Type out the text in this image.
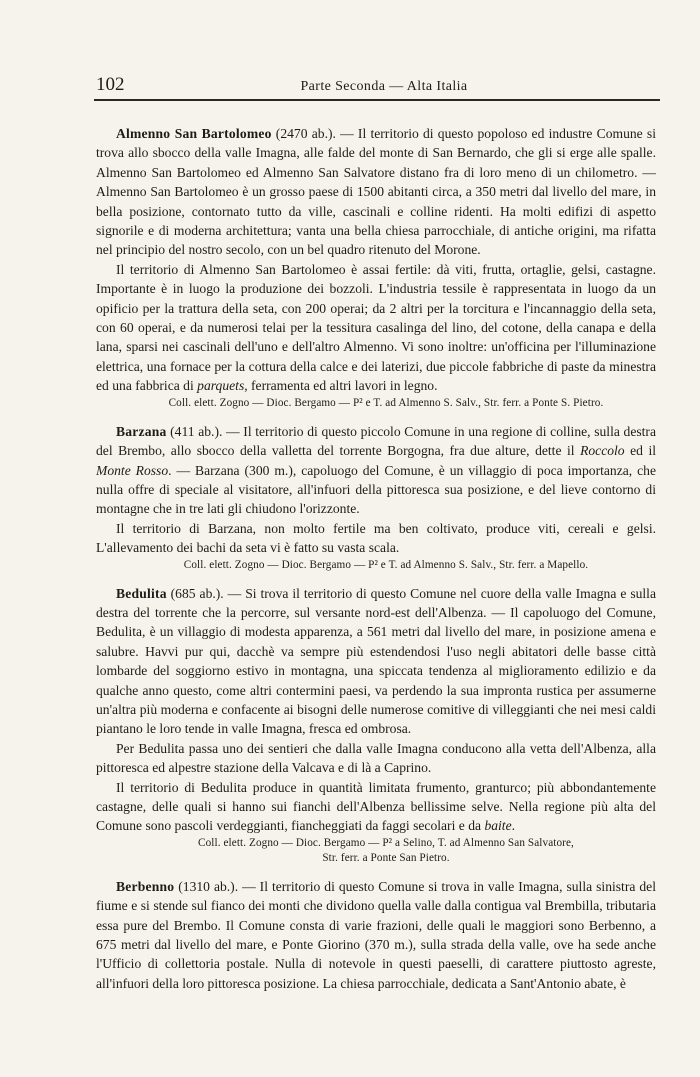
102	Parte Seconda — Alta Italia

Almenno San Bartolomeo (2470 ab.). — Il territorio di questo popoloso ed industre Comune si trova allo sbocco della valle Imagna, alle falde del monte di San Bernardo, che gli si erge alle spalle. Almenno San Bartolomeo ed Almenno San Salvatore distano fra di loro meno di un chilometro. — Almenno San Bartolomeo è un grosso paese di 1500 abitanti circa, a 350 metri dal livello del mare, in bella posizione, contornato tutto da ville, cascinali e colline ridenti. Ha molti edifizi di aspetto signorile e di moderna architettura; vanta una bella chiesa parrocchiale, di antiche origini, ma rifatta nel principio del nostro secolo, con un bel quadro ritenuto del Morone.

Il territorio di Almenno San Bartolomeo è assai fertile: dà viti, frutta, ortaglie, gelsi, castagne. Importante è in luogo la produzione dei bozzoli. L'industria tessile è rappresentata in luogo da un opificio per la trattura della seta, con 200 operai; da 2 altri per la torcitura e l'incannaggio della seta, con 60 operai, e da numerosi telai per la tessitura casalinga del lino, del cotone, della canapa e della lana, sparsi nei cascinali dell'uno e dell'altro Almenno. Vi sono inoltre: un'officina per l'illuminazione elettrica, una fornace per la cottura della calce e dei laterizi, due piccole fabbriche di paste da minestra ed una fabbrica di parquets, ferramenta ed altri lavori in legno.

Coll. elett. Zogno — Dioc. Bergamo — P² e T. ad Almenno S. Salv., Str. ferr. a Ponte S. Pietro.

Barzana (411 ab.). — Il territorio di questo piccolo Comune in una regione di colline, sulla destra del Brembo, allo sbocco della valletta del torrente Borgogna, fra due alture, dette il Roccolo ed il Monte Rosso. — Barzana (300 m.), capoluogo del Comune, è un villaggio di poca importanza, che nulla offre di speciale al visitatore, all'infuori della pittoresca sua posizione, e del lieve contorno di montagne che in tre lati gli chiudono l'orizzonte.

Il territorio di Barzana, non molto fertile ma ben coltivato, produce viti, cereali e gelsi. L'allevamento dei bachi da seta vi è fatto su vasta scala.

Coll. elett. Zogno — Dioc. Bergamo — P² e T. ad Almenno S. Salv., Str. ferr. a Mapello.

Bedulita (685 ab.). — Si trova il territorio di questo Comune nel cuore della valle Imagna e sulla destra del torrente che la percorre, sul versante nord-est dell'Albenza. — Il capoluogo del Comune, Bedulita, è un villaggio di modesta apparenza, a 561 metri dal livello del mare, in posizione amena e salubre. Havvi pur qui, dacchè va sempre più estendendosi l'uso negli abitatori delle basse città lombarde del soggiorno estivo in montagna, una spiccata tendenza al miglioramento edilizio e da qualche anno questo, come altri contermini paesi, va perdendo la sua impronta rustica per assumerne un'altra più moderna e confacente ai bisogni delle numerose comitive di villeggianti che nei mesi caldi piantano le loro tende in valle Imagna, fresca ed ombrosa.

Per Bedulita passa uno dei sentieri che dalla valle Imagna conducono alla vetta dell'Albenza, alla pittoresca ed alpestre stazione della Valcava e di là a Caprino.

Il territorio di Bedulita produce in quantità limitata frumento, granturco; più abbondantemente castagne, delle quali si hanno sui fianchi dell'Albenza bellissime selve. Nella regione più alta del Comune sono pascoli verdeggianti, fiancheggiati da faggi secolari e da baite.

Coll. elett. Zogno — Dioc. Bergamo — P² a Selino, T. ad Almenno San Salvatore,
Str. ferr. a Ponte San Pietro.

Berbenno (1310 ab.). — Il territorio di questo Comune si trova in valle Imagna, sulla sinistra del fiume e si stende sul fianco dei monti che dividono quella valle dalla contigua val Brembilla, tributaria essa pure del Brembo. Il Comune consta di varie frazioni, delle quali le maggiori sono Berbenno, a 675 metri dal livello del mare, e Ponte Giorino (370 m.), sulla strada della valle, ove ha sede anche l'Ufficio di collettoria postale. Nulla di notevole in questi paeselli, di carattere piuttosto agreste, all'infuori della loro pittoresca posizione. La chiesa parrocchiale, dedicata a Sant'Antonio abate, è
